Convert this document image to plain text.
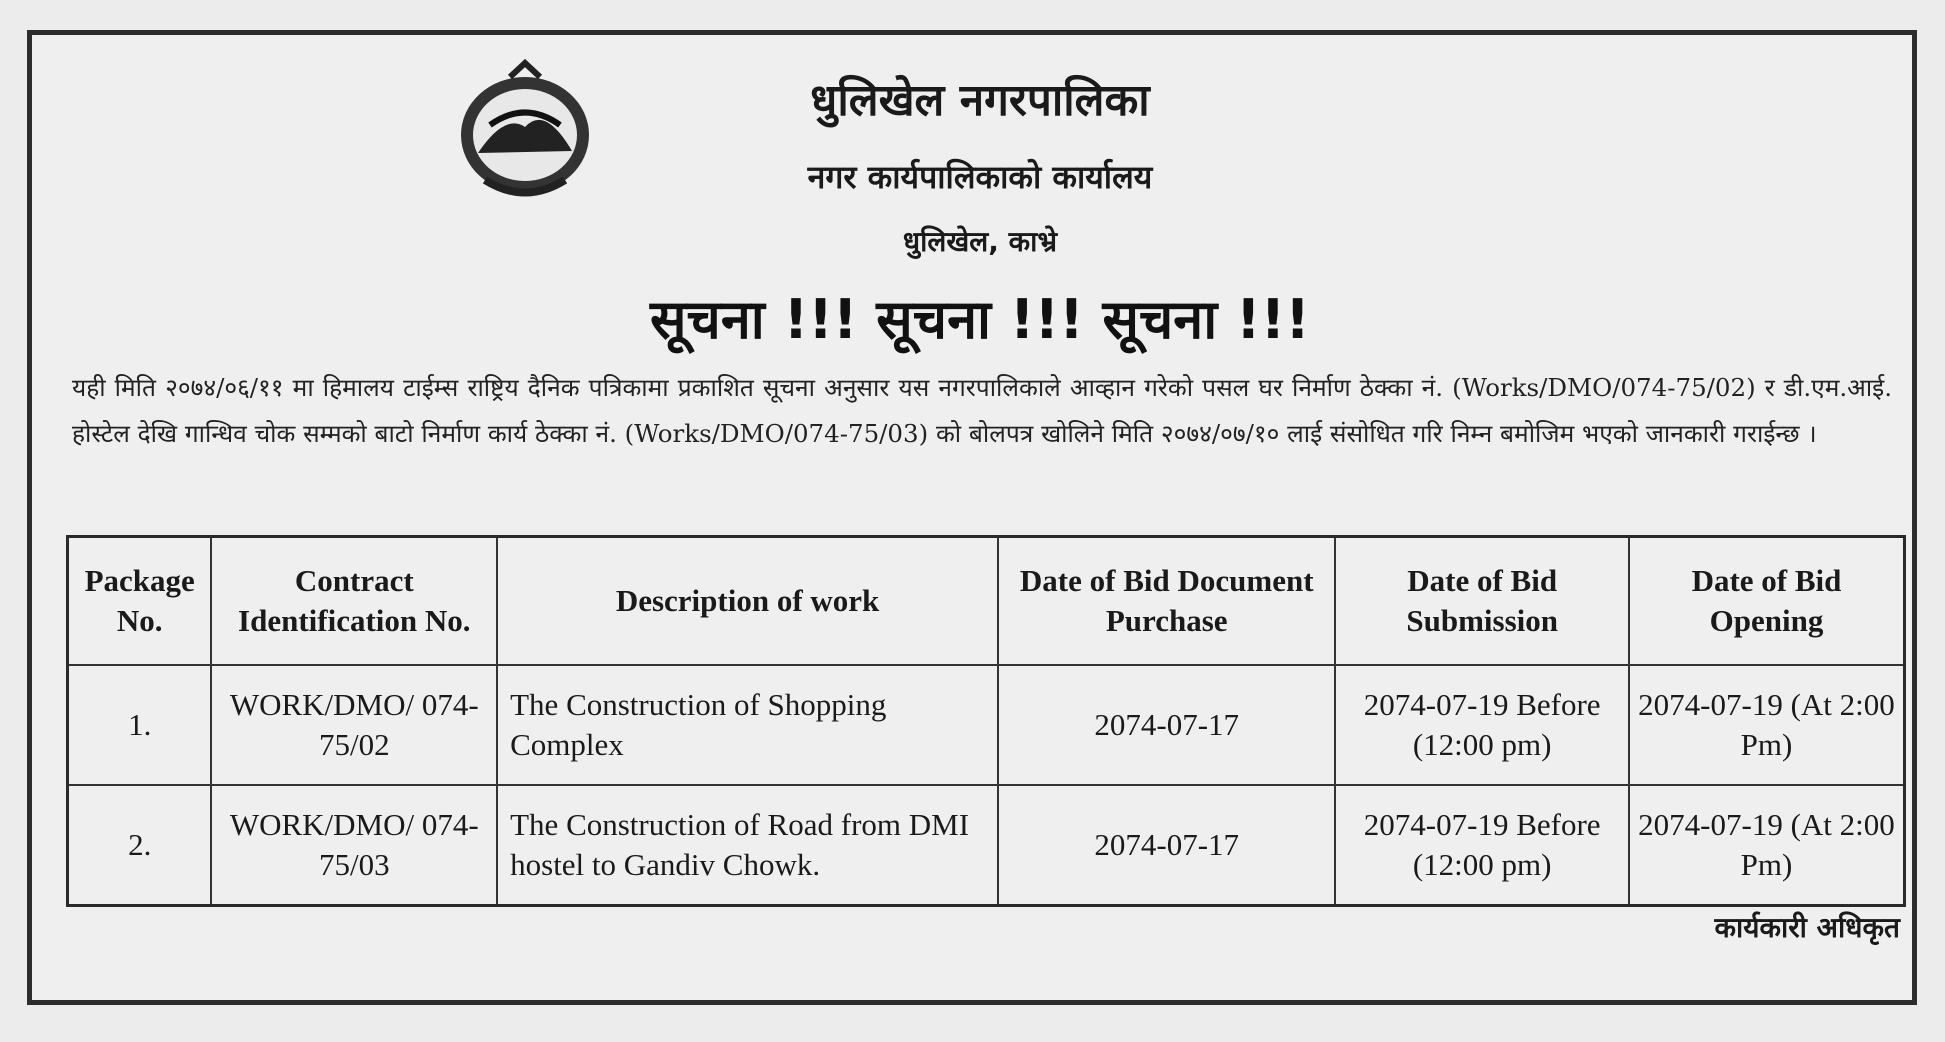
धुलिखेल नगरपालिका
नगर कार्यपालिकाको कार्यालय
धुलिखेल, काभ्रे
सूचना !!! सूचना !!! सूचना !!!
यही मिति २०७४/०६/११ मा हिमालय टाईम्स राष्ट्रिय दैनिक पत्रिकामा प्रकाशित सूचना अनुसार यस नगरपालिकाले आव्हान गरेको पसल घर निर्माण ठेक्का नं. (Works/DMO/074-75/02) र डी.एम.आई. होस्टेल देखि गान्धिव चोक सम्मको बाटो निर्माण कार्य ठेक्का नं. (Works/DMO/074-75/03) को बोलपत्र खोलिने मिति २०७४/०७/१० लाई संसोधित गरि निम्न बमोजिम भएको जानकारी गराईन्छ ।
Package No.	Contract Identification No.	Description of work	Date of Bid Document Purchase	Date of Bid Submission	Date of Bid Opening
1.	WORK/DMO/ 074-75/02	The Construction of Shopping Complex	2074-07-17	2074-07-19 Before (12:00 pm)	2074-07-19 (At 2:00 Pm)
2.	WORK/DMO/ 074-75/03	The Construction of Road from DMI hostel to Gandiv Chowk.	2074-07-17	2074-07-19 Before (12:00 pm)	2074-07-19 (At 2:00 Pm)
कार्यकारी अधिकृत
